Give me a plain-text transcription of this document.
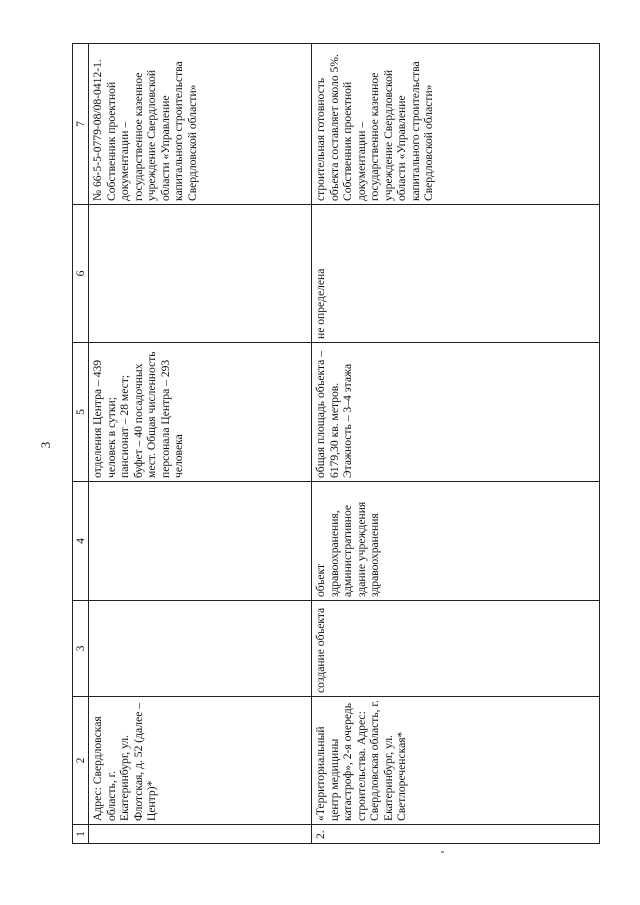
3
1	2	3	4	5	6	7
	Адрес: Свердловская область, г. Екатеринбург, ул. Флотская, д. 52 (далее – Центр)*			отделения Центра – 439 человек в сутки; пансионат – 28 мест; буфет – 40 посадочных мест. Общая численность персонала Центра – 293 человека		№ 66-5-5-0779-08/08-0412-1. Собственник проектной документации – государственное казенное учреждение Свердловской области «Управление капитального строительства Свердловской области»
2.	«Территориальный центр медицины катастроф», 2-я очередь строительства. Адрес: Свердловская область, г. Екатеринбург, ул. Светлореченская*	создание объекта	объект здравоохранения, административное здание учреждения здравоохранения	общая площадь объекта – 6179,30 кв. метров. Этажность – 3–4 этажа	не определена	строительная готовность объекта составляет около 5%. Собственник проектной документации – государственное казенное учреждение Свердловской области «Управление капитального строительства Свердловской области»
